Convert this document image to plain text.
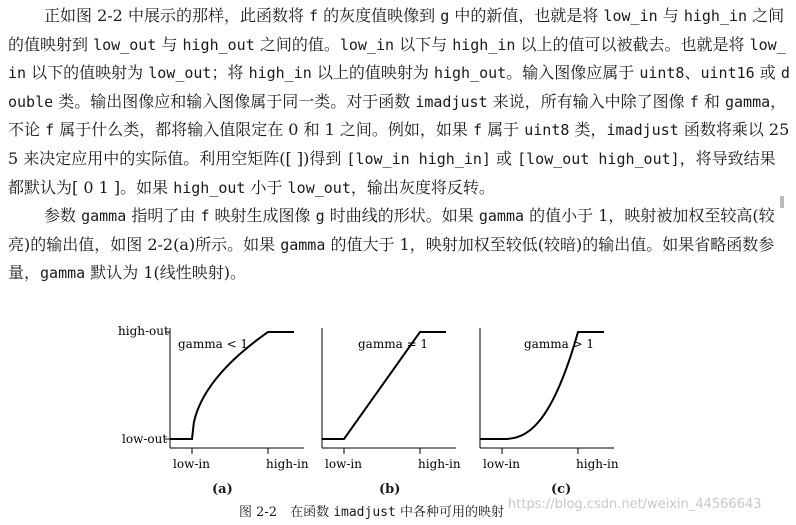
正如图 2-2 中展示的那样，此函数将 f 的灰度值映像到 g 中的新值，也就是将 low_in 与 high_in 之间的值映射到 low_out 与 high_out 之间的值。low_in 以下与 high_in 以上的值可以被截去。也就是将 low_in 以下的值映射为 low_out；将 high_in 以上的值映射为 high_out。输入图像应属于 uint8、uint16 或 double 类。输出图像应和输入图像属于同一类。对于函数 imadjust 来说，所有输入中除了图像 f 和 gamma，不论 f 属于什么类，都将输入值限定在 0 和 1 之间。例如，如果 f 属于 uint8 类，imadjust 函数将乘以 255 来决定应用中的实际值。利用空矩阵([ ])得到 [low_in high_in] 或 [low_out high_out]，将导致结果都默认为[ 0 1 ]。如果 high_out 小于 low_out，输出灰度将反转。

参数 gamma 指明了由 f 映射生成图像 g 时曲线的形状。如果 gamma 的值小于 1，映射被加权至较高(较亮)的输出值，如图 2-2(a)所示。如果 gamma 的值大于 1，映射加权至较低(较暗)的输出值。如果省略函数参量，gamma 默认为 1(线性映射)。

high-out
low-out
gamma < 1
low-in	high-in
gamma = 1
low-in	high-in
gamma > 1
low-in	high-in
(a)	(b)	(c)
图 2-2　在函数 imadjust 中各种可用的映射
https://blog.csdn.net/weixin_44566643
